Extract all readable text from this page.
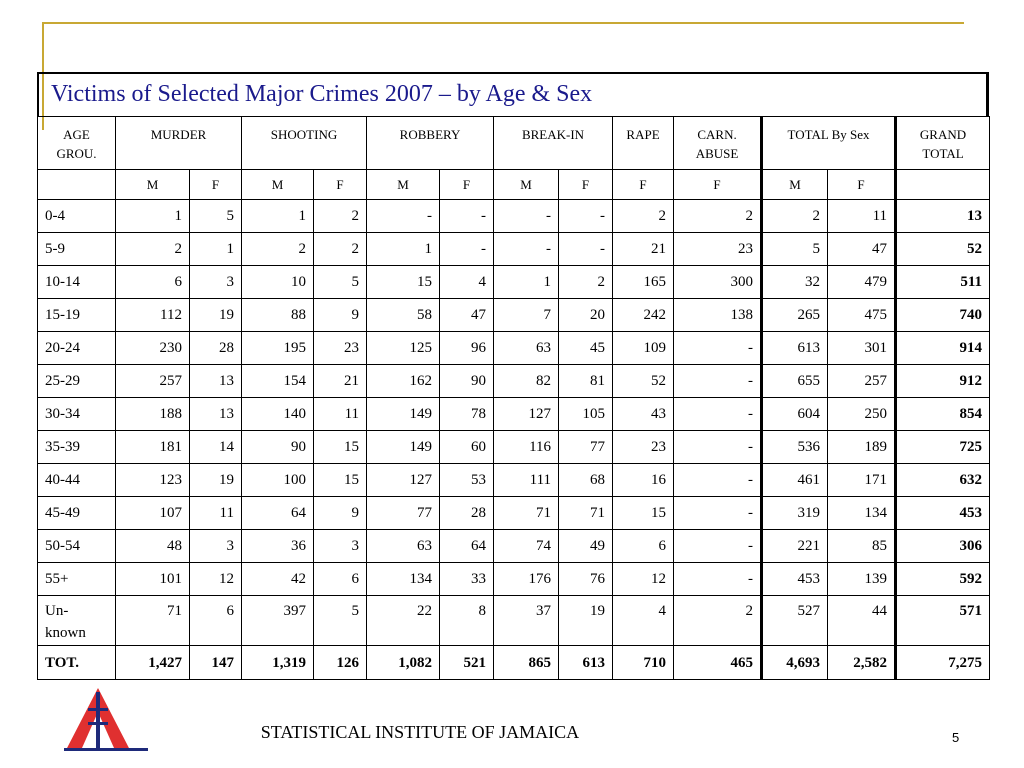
Victims of Selected Major Crimes 2007 – by Age & Sex
AGE GROU.	MURDER		SHOOTING		ROBBERY		BREAK-IN		RAPE	CARN. ABUSE	TOTAL By Sex		GRAND TOTAL
	M	F	M	F	M	F	M	F	F	F	M	F	
0-4	1	5	1	2	-	-	-	-	2	2	2	11	13
5-9	2	1	2	2	1	-	-	-	21	23	5	47	52
10-14	6	3	10	5	15	4	1	2	165	300	32	479	511
15-19	112	19	88	9	58	47	7	20	242	138	265	475	740
20-24	230	28	195	23	125	96	63	45	109	-	613	301	914
25-29	257	13	154	21	162	90	82	81	52	-	655	257	912
30-34	188	13	140	11	149	78	127	105	43	-	604	250	854
35-39	181	14	90	15	149	60	116	77	23	-	536	189	725
40-44	123	19	100	15	127	53	111	68	16	-	461	171	632
45-49	107	11	64	9	77	28	71	71	15	-	319	134	453
50-54	48	3	36	3	63	64	74	49	6	-	221	85	306
55+	101	12	42	6	134	33	176	76	12	-	453	139	592
Un- known	71	6	397	5	22	8	37	19	4	2	527	44	571
TOT.	1,427	147	1,319	126	1,082	521	865	613	710	465	4,693	2,582	7,275
STATISTICAL INSTITUTE OF JAMAICA	5
